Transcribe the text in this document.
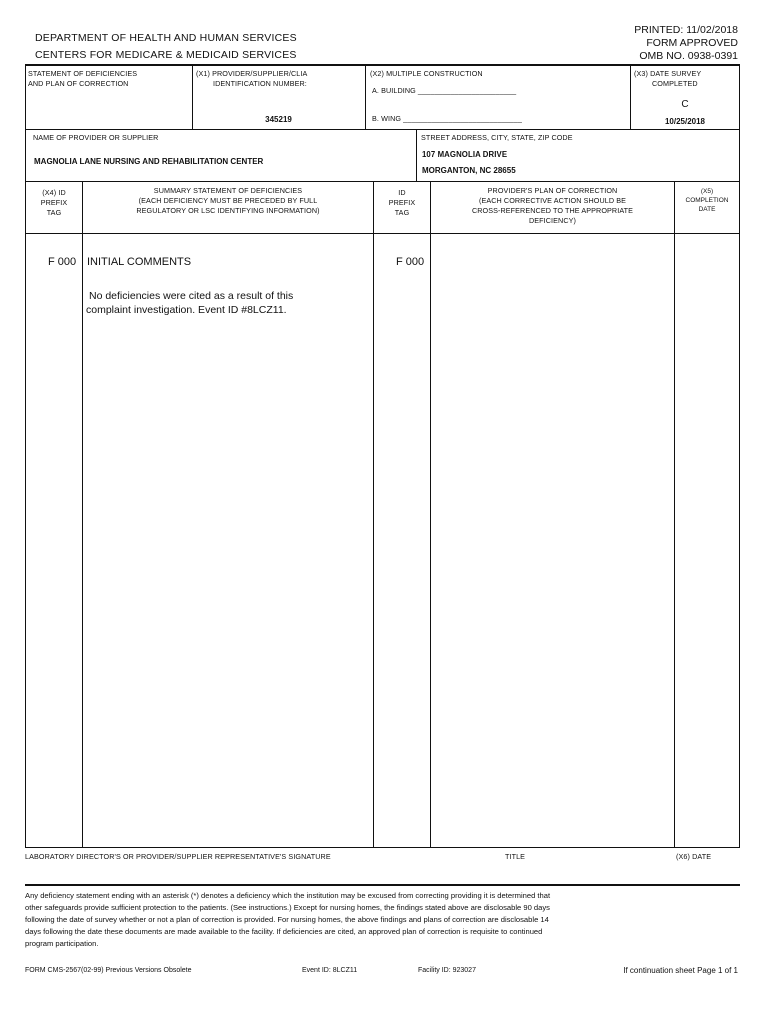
DEPARTMENT OF HEALTH AND HUMAN SERVICES
CENTERS FOR MEDICARE & MEDICAID SERVICES
PRINTED: 11/02/2018
FORM APPROVED
OMB NO. 0938-0391
STATEMENT OF DEFICIENCIES
AND PLAN OF CORRECTION
(X1) PROVIDER/SUPPLIER/CLIA
IDENTIFICATION NUMBER:
345219
(X2) MULTIPLE CONSTRUCTION
A. BUILDING ________________________
B. WING _____________________________
(X3) DATE SURVEY
COMPLETED
C
10/25/2018
NAME OF PROVIDER OR SUPPLIER
MAGNOLIA LANE NURSING AND REHABILITATION CENTER
STREET ADDRESS, CITY, STATE, ZIP CODE
107 MAGNOLIA DRIVE
MORGANTON, NC 28655
(X4) ID
PREFIX
TAG
SUMMARY STATEMENT OF DEFICIENCIES
(EACH DEFICIENCY MUST BE PRECEDED BY FULL
REGULATORY OR LSC IDENTIFYING INFORMATION)
ID
PREFIX
TAG
PROVIDER'S PLAN OF CORRECTION
(EACH CORRECTIVE ACTION SHOULD BE
CROSS-REFERENCED TO THE APPROPRIATE
DEFICIENCY)
(X5)
COMPLETION
DATE
F 000 INITIAL COMMENTS	F 000
No deficiencies were cited as a result of this
complaint investigation. Event ID #8LCZ11.
LABORATORY DIRECTOR'S OR PROVIDER/SUPPLIER REPRESENTATIVE'S SIGNATURE	TITLE	(X6) DATE
Any deficiency statement ending with an asterisk (*) denotes a deficiency which the institution may be excused from correcting providing it is determined that
other safeguards provide sufficient protection to the patients. (See instructions.) Except for nursing homes, the findings stated above are disclosable 90 days
following the date of survey whether or not a plan of correction is provided. For nursing homes, the above findings and plans of correction are disclosable 14
days following the date these documents are made available to the facility. If deficiencies are cited, an approved plan of correction is requisite to continued
program participation.
FORM CMS-2567(02-99) Previous Versions Obsolete	Event ID: 8LCZ11	Facility ID: 923027	If continuation sheet Page 1 of 1
